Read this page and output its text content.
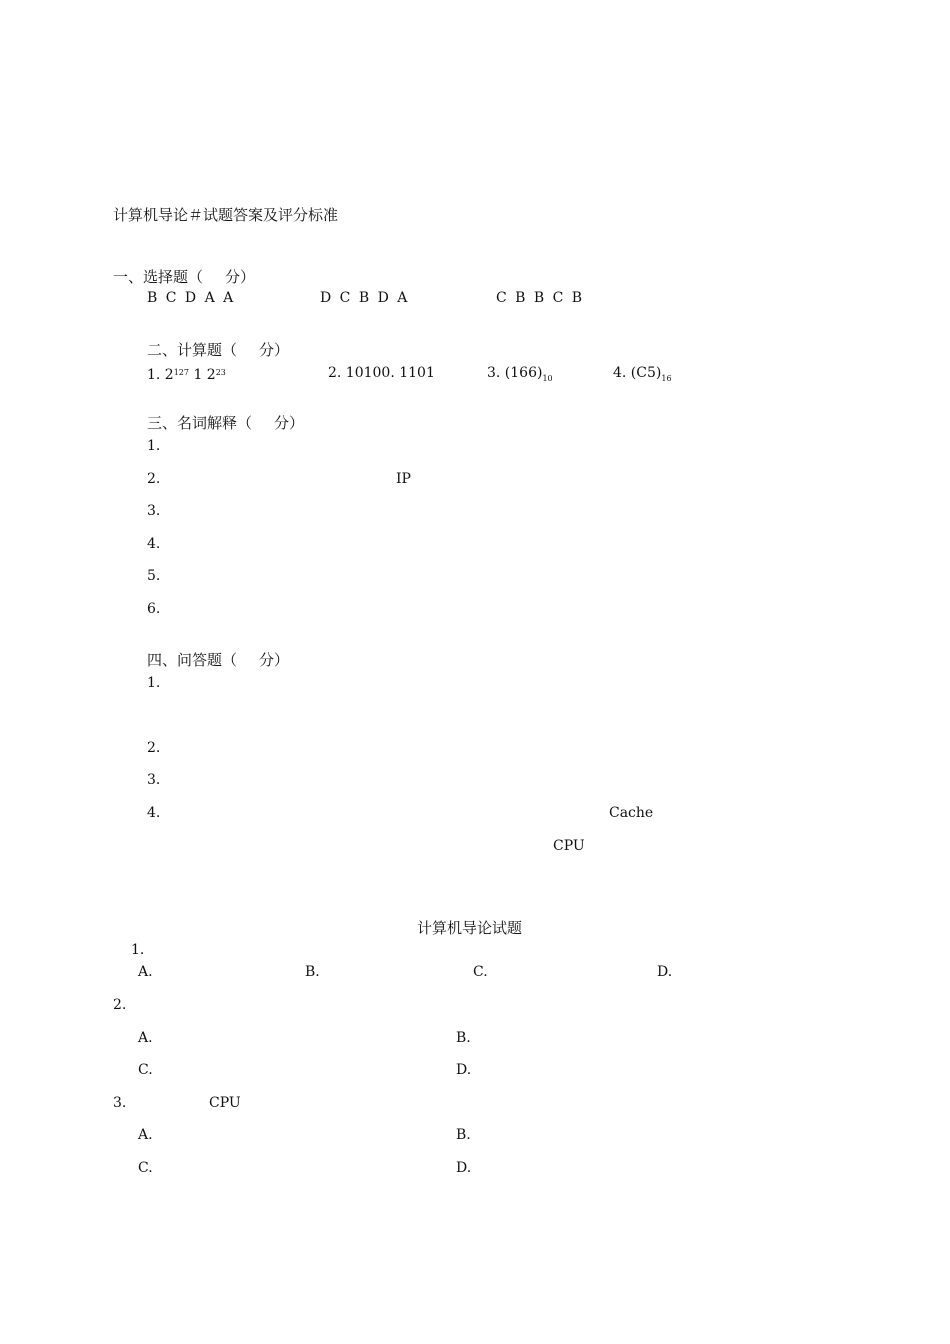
计算机导论＃试题答案及评分标准
一、选择题（ 分）
B C D A A	D C B D A	C B B C B
二、计算题（ 分）
1. $2^{127}$ 1 $2^{23}$	2. 10100. 1101	3. $(166)_{10}$	4. $(C5)_{16}$
三、名词解释（ 分）
1.
2.	IP
3.
4.
5.
6.
四、问答题（ 分）
1.
2.
3.
4.	Cache
CPU
计算机导论试题
1.
A.	B.	C.	D.
2.
A.	B.
C.	D.
3.	CPU
A.	B.
C.	D.
